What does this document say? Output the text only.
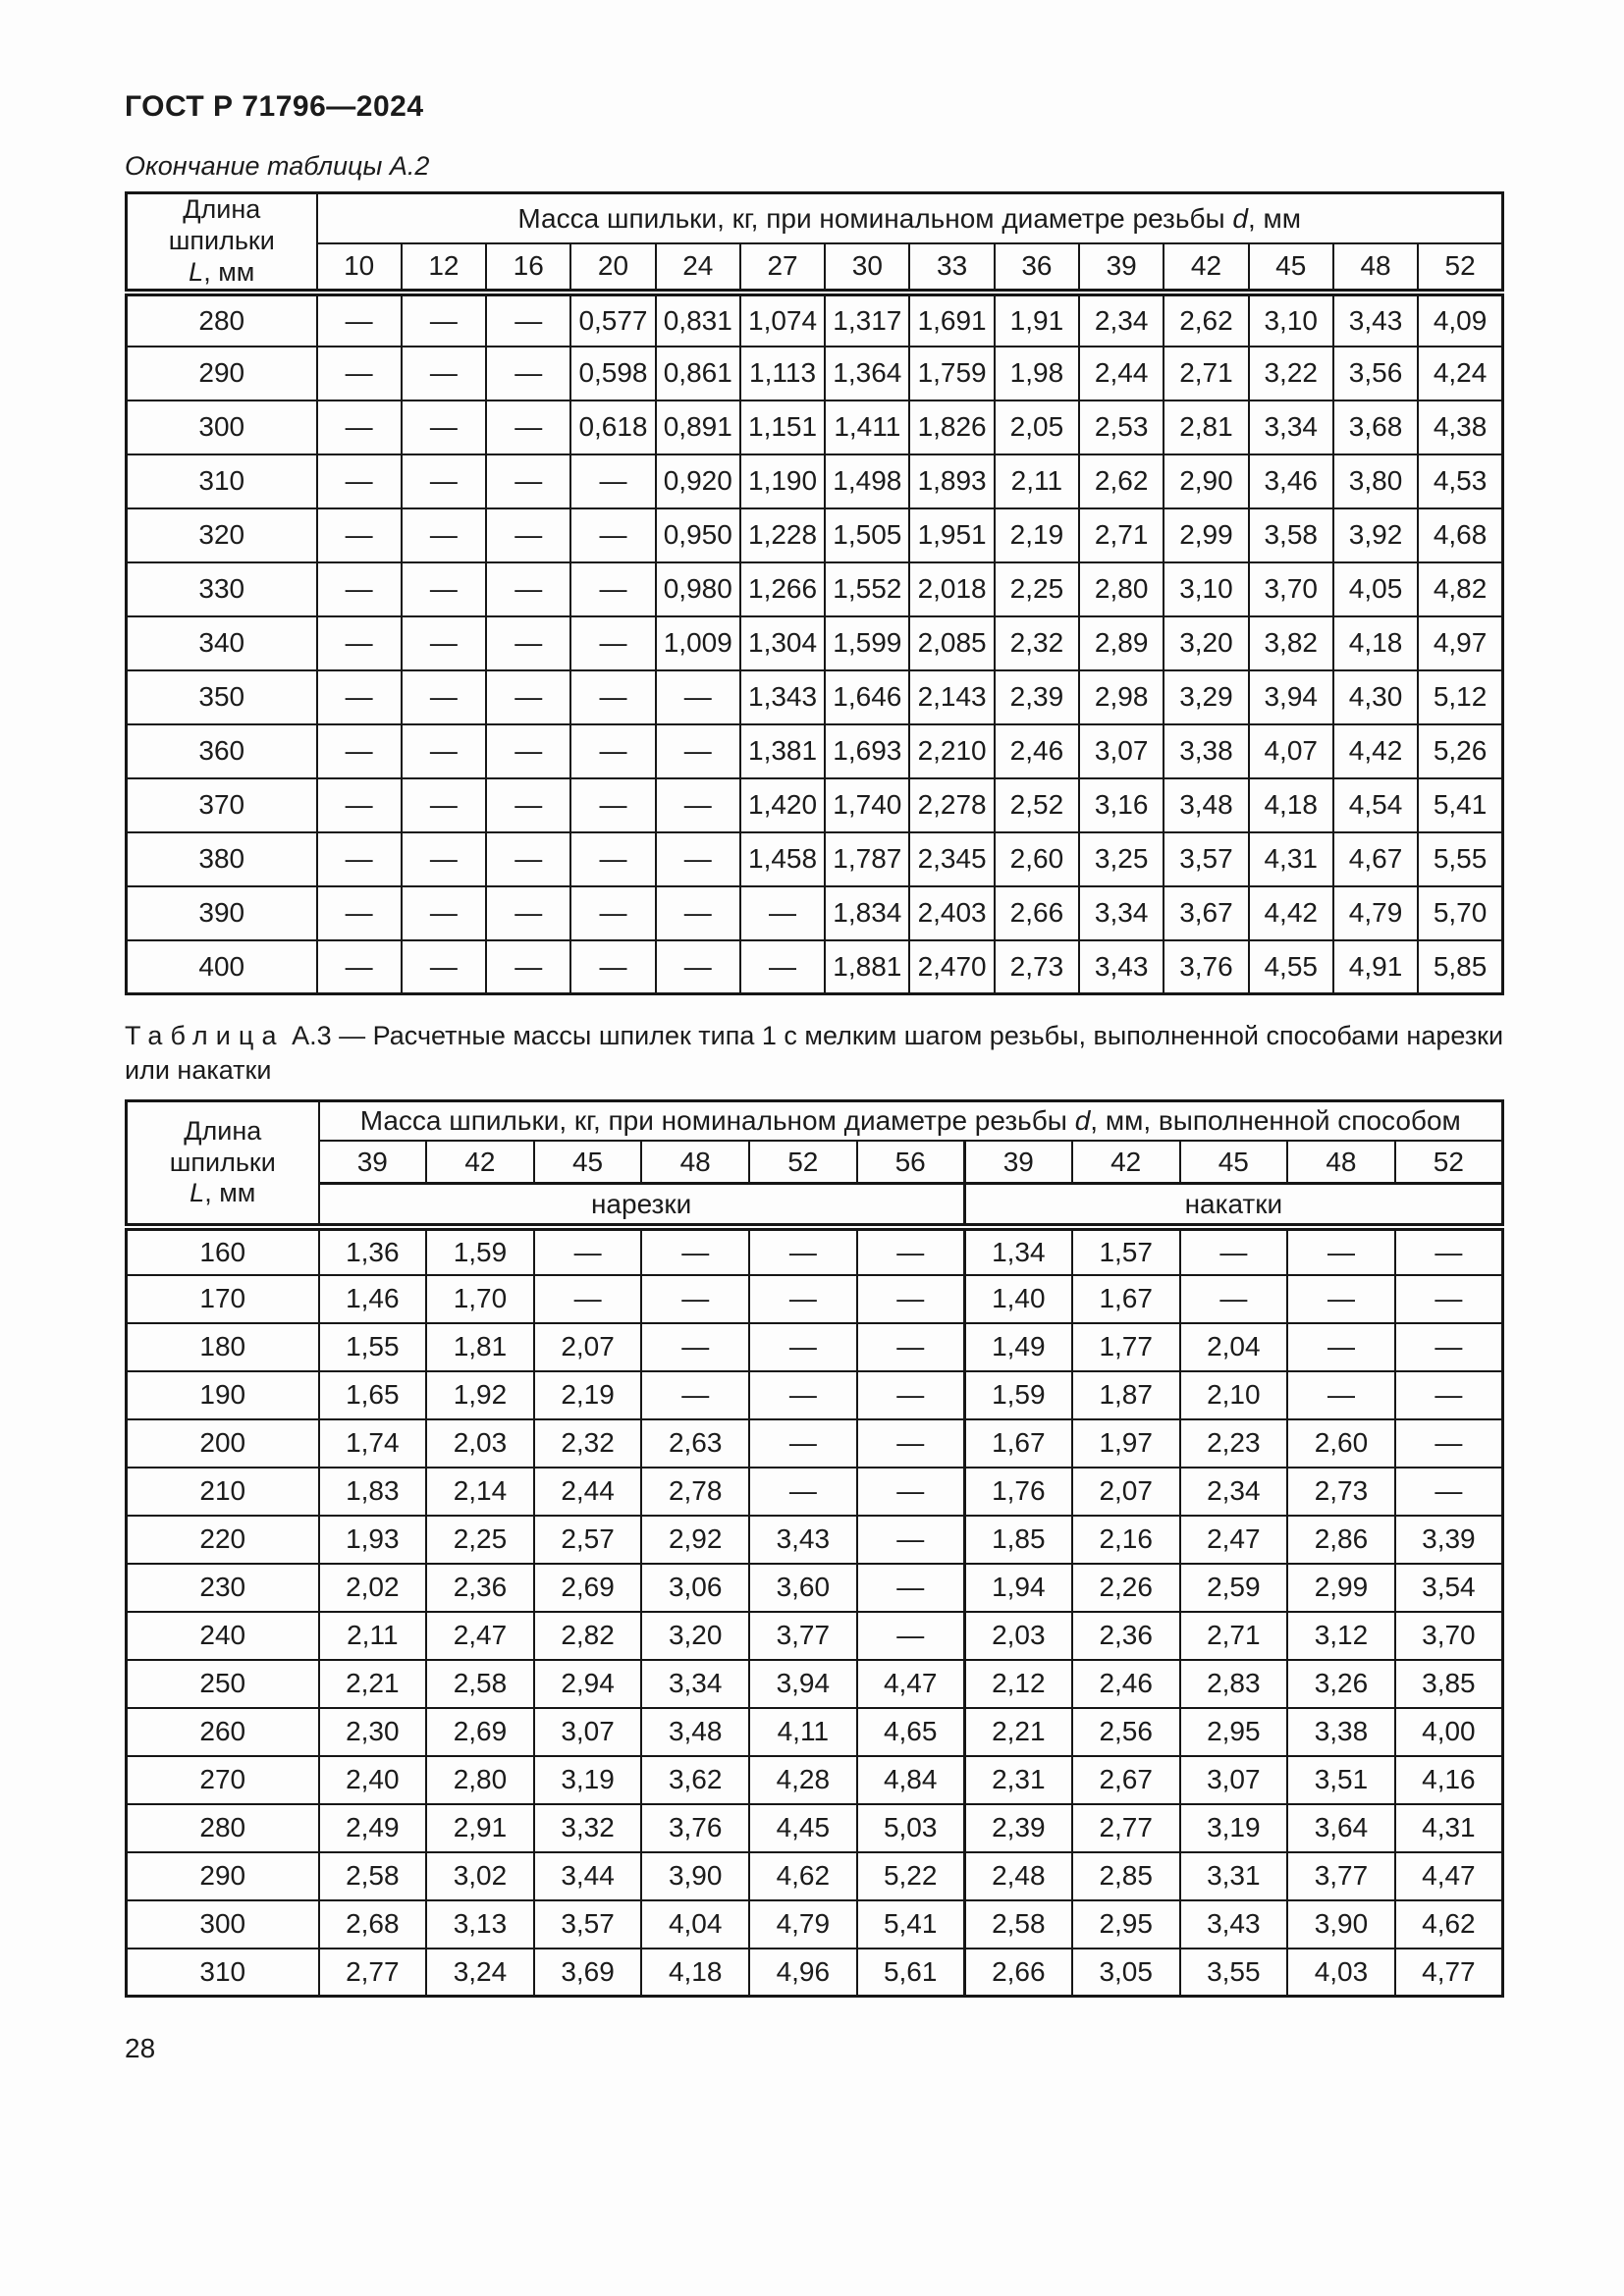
ГОСТ Р 71796—2024
Окончание таблицы А.2
Длина
шпильки
L, мм	Масса шпильки, кг, при номинальном диаметре резьбы d, мм													
	10	12	16	20	24	27	30	33	36	39	42	45	48	52
280	—	—	—	0,577	0,831	1,074	1,317	1,691	1,91	2,34	2,62	3,10	3,43	4,09
290	—	—	—	0,598	0,861	1,113	1,364	1,759	1,98	2,44	2,71	3,22	3,56	4,24
300	—	—	—	0,618	0,891	1,151	1,411	1,826	2,05	2,53	2,81	3,34	3,68	4,38
310	—	—	—	—	0,920	1,190	1,498	1,893	2,11	2,62	2,90	3,46	3,80	4,53
320	—	—	—	—	0,950	1,228	1,505	1,951	2,19	2,71	2,99	3,58	3,92	4,68
330	—	—	—	—	0,980	1,266	1,552	2,018	2,25	2,80	3,10	3,70	4,05	4,82
340	—	—	—	—	1,009	1,304	1,599	2,085	2,32	2,89	3,20	3,82	4,18	4,97
350	—	—	—	—	—	1,343	1,646	2,143	2,39	2,98	3,29	3,94	4,30	5,12
360	—	—	—	—	—	1,381	1,693	2,210	2,46	3,07	3,38	4,07	4,42	5,26
370	—	—	—	—	—	1,420	1,740	2,278	2,52	3,16	3,48	4,18	4,54	5,41
380	—	—	—	—	—	1,458	1,787	2,345	2,60	3,25	3,57	4,31	4,67	5,55
390	—	—	—	—	—	—	1,834	2,403	2,66	3,34	3,67	4,42	4,79	5,70
400	—	—	—	—	—	—	1,881	2,470	2,73	3,43	3,76	4,55	4,91	5,85
Таблица А.3 — Расчетные массы шпилек типа 1 с мелким шагом резьбы, выполненной способами нарезки или накатки
Длина
шпильки
L, мм	Масса шпильки, кг, при номинальном диаметре резьбы d, мм, выполненной способом										
	39	42	45	48	52	56	39	42	45	48	52
	нарезки						накатки				
160	1,36	1,59	—	—	—	—	1,34	1,57	—	—	—
170	1,46	1,70	—	—	—	—	1,40	1,67	—	—	—
180	1,55	1,81	2,07	—	—	—	1,49	1,77	2,04	—	—
190	1,65	1,92	2,19	—	—	—	1,59	1,87	2,10	—	—
200	1,74	2,03	2,32	2,63	—	—	1,67	1,97	2,23	2,60	—
210	1,83	2,14	2,44	2,78	—	—	1,76	2,07	2,34	2,73	—
220	1,93	2,25	2,57	2,92	3,43	—	1,85	2,16	2,47	2,86	3,39
230	2,02	2,36	2,69	3,06	3,60	—	1,94	2,26	2,59	2,99	3,54
240	2,11	2,47	2,82	3,20	3,77	—	2,03	2,36	2,71	3,12	3,70
250	2,21	2,58	2,94	3,34	3,94	4,47	2,12	2,46	2,83	3,26	3,85
260	2,30	2,69	3,07	3,48	4,11	4,65	2,21	2,56	2,95	3,38	4,00
270	2,40	2,80	3,19	3,62	4,28	4,84	2,31	2,67	3,07	3,51	4,16
280	2,49	2,91	3,32	3,76	4,45	5,03	2,39	2,77	3,19	3,64	4,31
290	2,58	3,02	3,44	3,90	4,62	5,22	2,48	2,85	3,31	3,77	4,47
300	2,68	3,13	3,57	4,04	4,79	5,41	2,58	2,95	3,43	3,90	4,62
310	2,77	3,24	3,69	4,18	4,96	5,61	2,66	3,05	3,55	4,03	4,77
28
